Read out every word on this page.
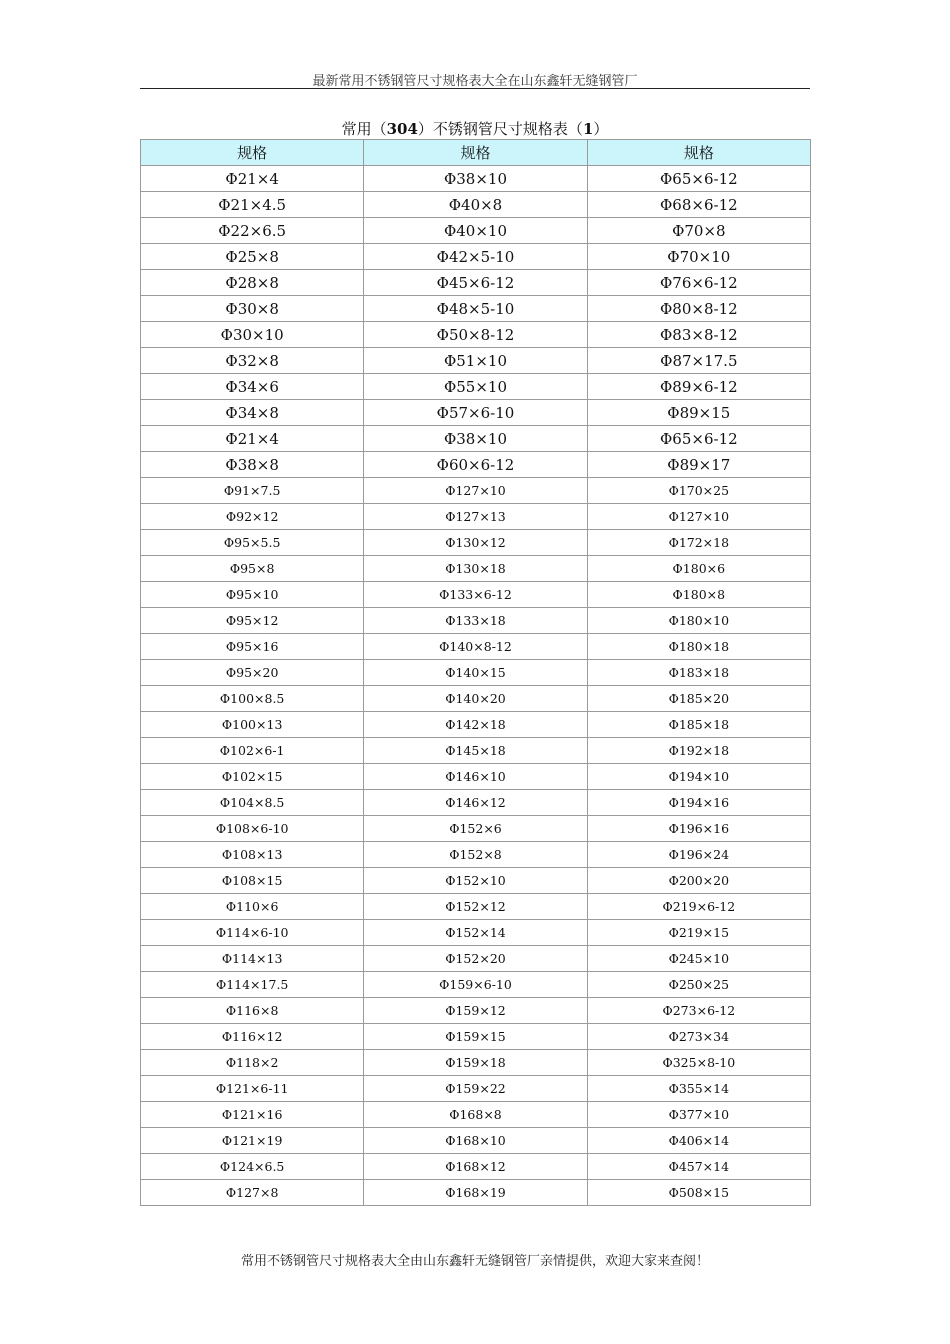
最新常用不锈钢管尺寸规格表大全在山东鑫轩无缝钢管厂
常用（304）不锈钢管尺寸规格表（1）
规格	规格	规格
Φ21×4	Φ38×10	Φ65×6-12
Φ21×4.5	Φ40×8	Φ68×6-12
Φ22×6.5	Φ40×10	Φ70×8
Φ25×8	Φ42×5-10	Φ70×10
Φ28×8	Φ45×6-12	Φ76×6-12
Φ30×8	Φ48×5-10	Φ80×8-12
Φ30×10	Φ50×8-12	Φ83×8-12
Φ32×8	Φ51×10	Φ87×17.5
Φ34×6	Φ55×10	Φ89×6-12
Φ34×8	Φ57×6-10	Φ89×15
Φ21×4	Φ38×10	Φ65×6-12
Φ38×8	Φ60×6-12	Φ89×17
Φ91×7.5	Φ127×10	Φ170×25
Φ92×12	Φ127×13	Φ127×10
Φ95×5.5	Φ130×12	Φ172×18
Φ95×8	Φ130×18	Φ180×6
Φ95×10	Φ133×6-12	Φ180×8
Φ95×12	Φ133×18	Φ180×10
Φ95×16	Φ140×8-12	Φ180×18
Φ95×20	Φ140×15	Φ183×18
Φ100×8.5	Φ140×20	Φ185×20
Φ100×13	Φ142×18	Φ185×18
Φ102×6-1	Φ145×18	Φ192×18
Φ102×15	Φ146×10	Φ194×10
Φ104×8.5	Φ146×12	Φ194×16
Φ108×6-10	Φ152×6	Φ196×16
Φ108×13	Φ152×8	Φ196×24
Φ108×15	Φ152×10	Φ200×20
Φ110×6	Φ152×12	Φ219×6-12
Φ114×6-10	Φ152×14	Φ219×15
Φ114×13	Φ152×20	Φ245×10
Φ114×17.5	Φ159×6-10	Φ250×25
Φ116×8	Φ159×12	Φ273×6-12
Φ116×12	Φ159×15	Φ273×34
Φ118×2	Φ159×18	Φ325×8-10
Φ121×6-11	Φ159×22	Φ355×14
Φ121×16	Φ168×8	Φ377×10
Φ121×19	Φ168×10	Φ406×14
Φ124×6.5	Φ168×12	Φ457×14
Φ127×8	Φ168×19	Φ508×15
常用不锈钢管尺寸规格表大全由山东鑫轩无缝钢管厂亲情提供，欢迎大家来查阅！
